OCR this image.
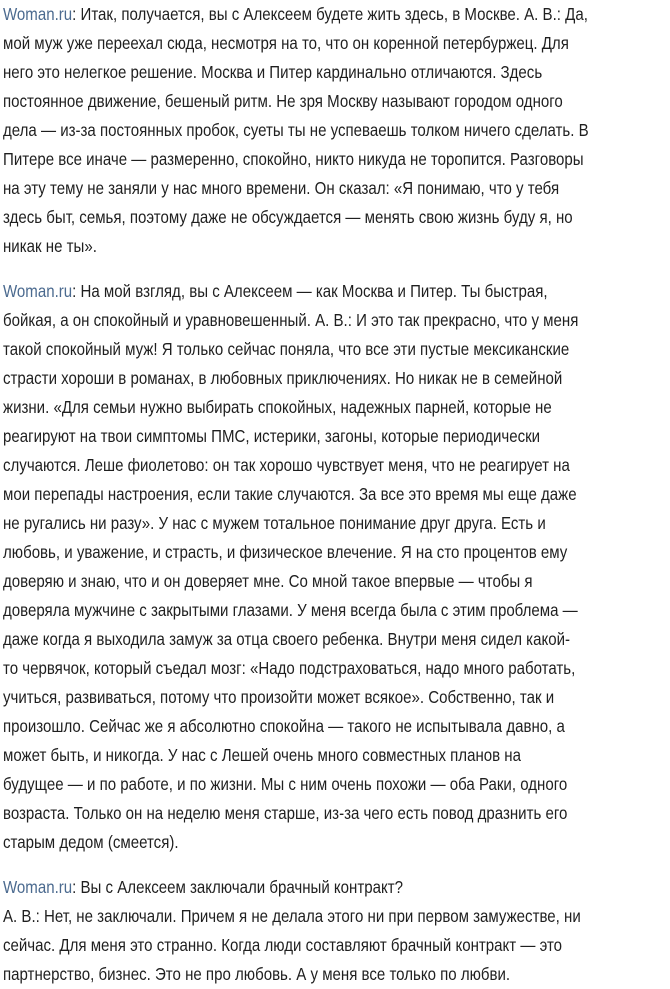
Woman.ru: Итак, получается, вы с Алексеем будете жить здесь, в Москве. А. В.: Да,
мой муж уже переехал сюда, несмотря на то, что он коренной петербуржец. Для
него это нелегкое решение. Москва и Питер кардинально отличаются. Здесь
постоянное движение, бешеный ритм. Не зря Москву называют городом одного
дела — из-за постоянных пробок, суеты ты не успеваешь толком ничего сделать. В
Питере все иначе — размеренно, спокойно, никто никуда не торопится. Разговоры
на эту тему не заняли у нас много времени. Он сказал: «Я понимаю, что у тебя
здесь быт, семья, поэтому даже не обсуждается — менять свою жизнь буду я, но
никак не ты».
Woman.ru: На мой взгляд, вы с Алексеем — как Москва и Питер. Ты быстрая,
бойкая, а он спокойный и уравновешенный. А. В.: И это так прекрасно, что у меня
такой спокойный муж! Я только сейчас поняла, что все эти пустые мексиканские
страсти хороши в романах, в любовных приключениях. Но никак не в семейной
жизни. «Для семьи нужно выбирать спокойных, надежных парней, которые не
реагируют на твои симптомы ПМС, истерики, загоны, которые периодически
случаются. Леше фиолетово: он так хорошо чувствует меня, что не реагирует на
мои перепады настроения, если такие случаются. За все это время мы еще даже
не ругались ни разу». У нас с мужем тотальное понимание друг друга. Есть и
любовь, и уважение, и страсть, и физическое влечение. Я на сто процентов ему
доверяю и знаю, что и он доверяет мне. Со мной такое впервые — чтобы я
доверяла мужчине с закрытыми глазами. У меня всегда была с этим проблема —
даже когда я выходила замуж за отца своего ребенка. Внутри меня сидел какой-
то червячок, который съедал мозг: «Надо подстраховаться, надо много работать,
учиться, развиваться, потому что произойти может всякое». Собственно, так и
произошло. Сейчас же я абсолютно спокойна — такого не испытывала давно, а
может быть, и никогда. У нас с Лешей очень много совместных планов на
будущее — и по работе, и по жизни. Мы с ним очень похожи — оба Раки, одного
возраста. Только он на неделю меня старше, из-за чего есть повод дразнить его
старым дедом (смеется).
Woman.ru: Вы с Алексеем заключали брачный контракт?
А. В.: Нет, не заключали. Причем я не делала этого ни при первом замужестве, ни
сейчас. Для меня это странно. Когда люди составляют брачный контракт — это
партнерство, бизнес. Это не про любовь. А у меня все только по любви.
